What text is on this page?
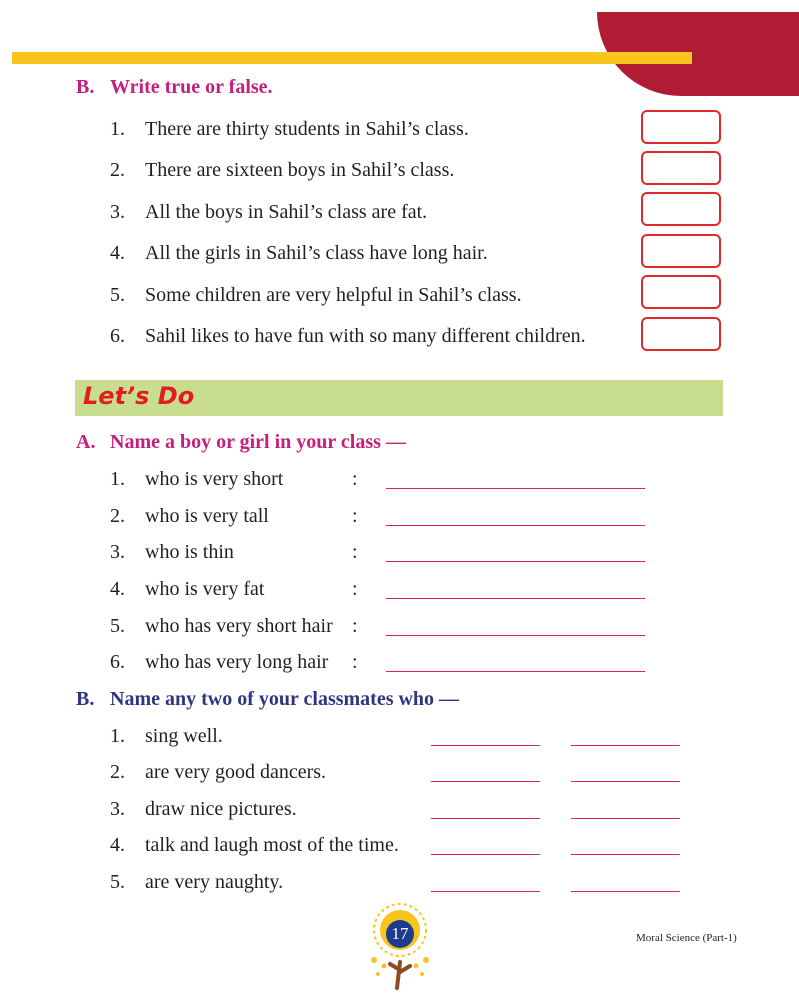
B. Write true or false.
1. There are thirty students in Sahil’s class.
2. There are sixteen boys in Sahil’s class.
3. All the boys in Sahil’s class are fat.
4. All the girls in Sahil’s class have long hair.
5. Some children are very helpful in Sahil’s class.
6. Sahil likes to have fun with so many different children.
Let’s Do
A. Name a boy or girl in your class —
1. who is very short
2. who is very tall
3. who is thin
4. who is very fat
5. who has very short hair
6. who has very long hair
:
:
:
:
:
:
B. Name any two of your classmates who —
1. sing well.
2. are very good dancers.
3. draw nice pictures.
4. talk and laugh most of the time.
5. are very naughty.
17	Moral Science (Part-1)
